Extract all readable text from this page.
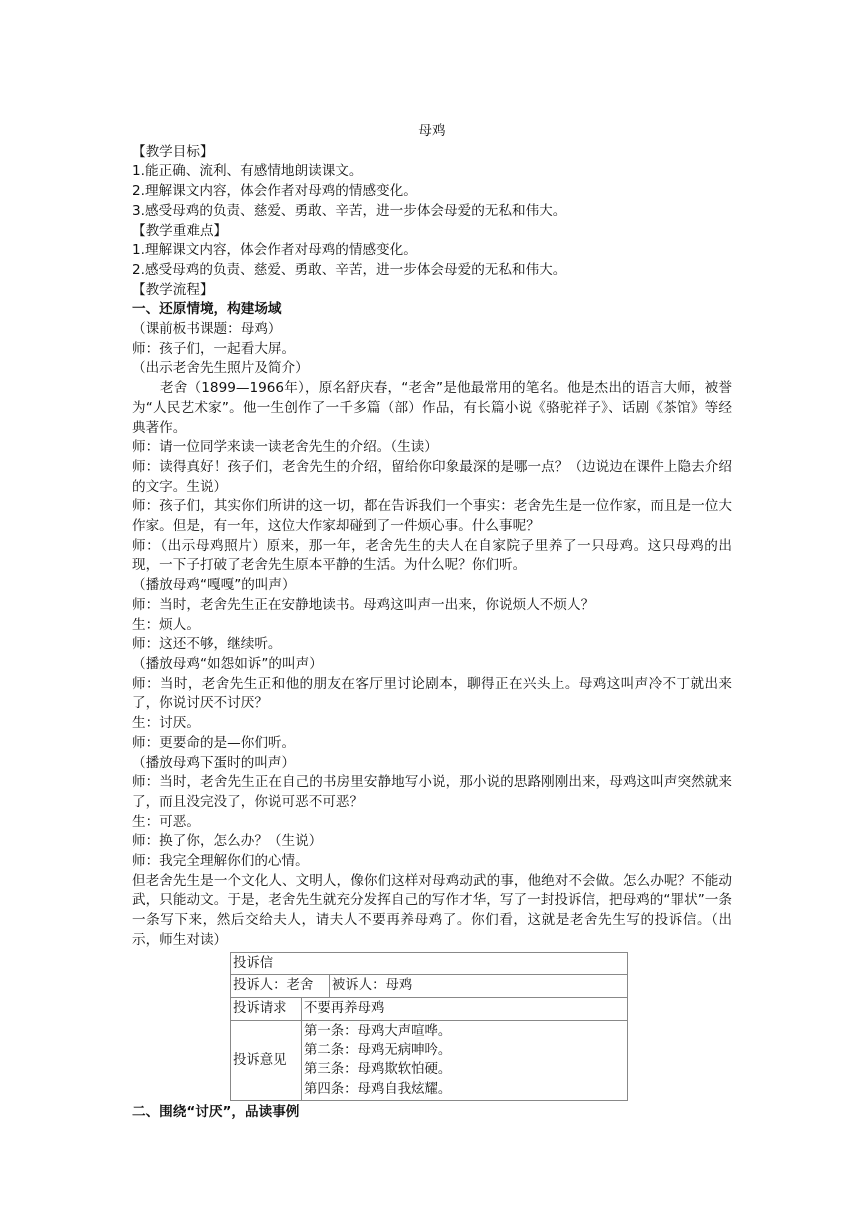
母鸡
【教学目标】
1.能正确、流利、有感情地朗读课文。
2.理解课文内容，体会作者对母鸡的情感变化。
3.感受母鸡的负责、慈爱、勇敢、辛苦，进一步体会母爱的无私和伟大。
【教学重难点】
1.理解课文内容，体会作者对母鸡的情感变化。
2.感受母鸡的负责、慈爱、勇敢、辛苦，进一步体会母爱的无私和伟大。
【教学流程】
一、还原情境，构建场域
（课前板书课题：母鸡）
师：孩子们，一起看大屏。
（出示老舍先生照片及简介）
老舍（1899—1966年），原名舒庆春，“老舍”是他最常用的笔名。他是杰出的语言大师，被誉为“人民艺术家”。他一生创作了一千多篇（部）作品，有长篇小说《骆驼祥子》、话剧《茶馆》等经典著作。
师：请一位同学来读一读老舍先生的介绍。（生读）
师：读得真好！孩子们，老舍先生的介绍，留给你印象最深的是哪一点？（边说边在课件上隐去介绍的文字。生说）
师：孩子们，其实你们所讲的这一切，都在告诉我们一个事实：老舍先生是一位作家，而且是一位大作家。但是，有一年，这位大作家却碰到了一件烦心事。什么事呢？
师：（出示母鸡照片）原来，那一年，老舍先生的夫人在自家院子里养了一只母鸡。这只母鸡的出现，一下子打破了老舍先生原本平静的生活。为什么呢？你们听。
（播放母鸡“嘎嘎”的叫声）
师：当时，老舍先生正在安静地读书。母鸡这叫声一出来，你说烦人不烦人？
生：烦人。
师：这还不够，继续听。
（播放母鸡“如怨如诉”的叫声）
师：当时，老舍先生正和他的朋友在客厅里讨论剧本，聊得正在兴头上。母鸡这叫声冷不丁就出来了，你说讨厌不讨厌？
生：讨厌。
师：更要命的是—你们听。
（播放母鸡下蛋时的叫声）
师：当时，老舍先生正在自己的书房里安静地写小说，那小说的思路刚刚出来，母鸡这叫声突然就来了，而且没完没了，你说可恶不可恶？
生：可恶。
师：换了你，怎么办？（生说）
师：我完全理解你们的心情。
但老舍先生是一个文化人、文明人，像你们这样对母鸡动武的事，他绝对不会做。怎么办呢？不能动武，只能动文。于是，老舍先生就充分发挥自己的写作才华，写了一封投诉信，把母鸡的“罪状”一条一条写下来，然后交给夫人，请夫人不要再养母鸡了。你们看，这就是老舍先生写的投诉信。（出示，师生对读）
投诉信		
投诉人：老舍		被诉人：母鸡
投诉请求	不要再养母鸡	
投诉意见	第一条：母鸡大声喧哗。
第二条：母鸡无病呻吟。
第三条：母鸡欺软怕硬。
第四条：母鸡自我炫耀。	
二、围绕“讨厌”，品读事例
